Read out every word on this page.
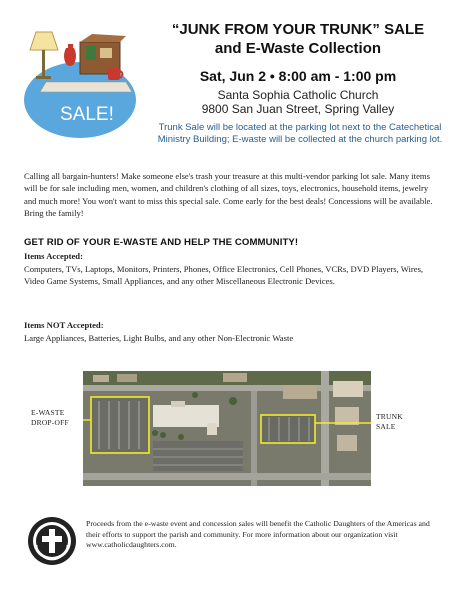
SALE!
“JUNK FROM YOUR TRUNK” SALE
and E-Waste Collection
Sat, Jun 2 • 8:00 am - 1:00 pm
Santa Sophia Catholic Church
9800 San Juan Street, Spring Valley
Trunk Sale will be located at the parking lot next to the Catechetical Ministry Building; E-waste will be collected at the church parking lot.
Calling all bargain-hunters! Make someone else's trash your treasure at this multi-vendor parking lot sale. Many items will be for sale including men, women, and children's clothing of all sizes, toys, electronics, household items, jewelry and much more! You won't want to miss this special sale. Come early for the best deals! Concessions will be available. Bring the family!
GET RID OF YOUR E-WASTE AND HELP THE COMMUNITY!
Items Accepted:
Computers, TVs, Laptops, Monitors, Printers, Phones, Office Electronics, Cell Phones, VCRs, DVD Players, Wires, Video Game Systems, Small Appliances, and any other Miscellaneous Electronic Devices.
Items NOT Accepted:
Large Appliances, Batteries, Light Bulbs, and any other Non-Electronic Waste
E-WASTE
DROP-OFF
TRUNK
SALE
Proceeds from the e-waste event and concession sales will benefit the Catholic Daughters of the Americas and their efforts to support the parish and community. For more information about our organization visit www.catholicdaughters.com.
